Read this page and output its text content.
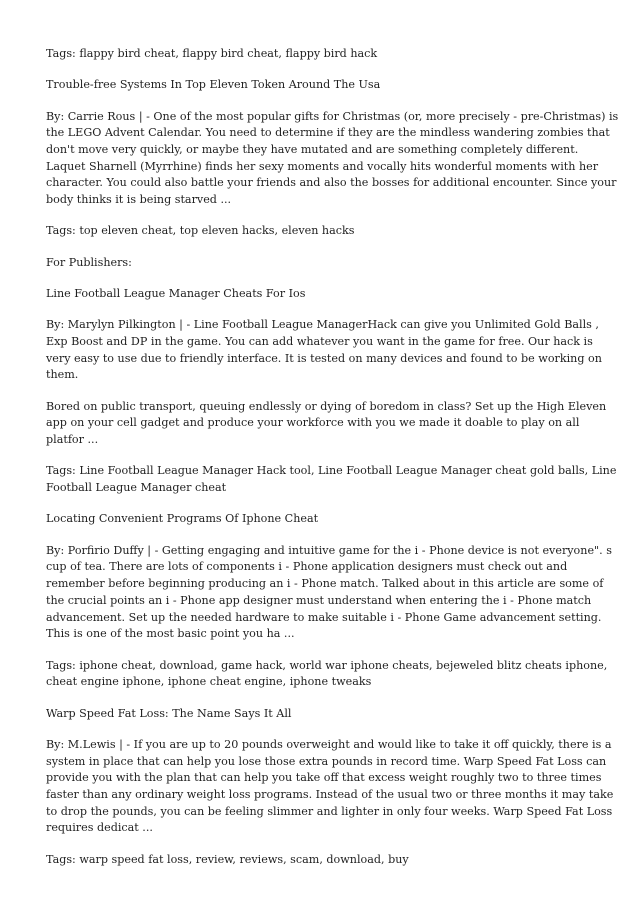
Tags: flappy bird cheat, flappy bird cheat, flappy bird hack
Trouble-free Systems In Top Eleven Token Around The Usa
By: Carrie Rous | - One of the most popular gifts for Christmas (or, more precisely - pre-Christmas) is
the LEGO Advent Calendar. You need to determine if they are the mindless wandering zombies that
don't move very quickly, or maybe they have mutated and are something completely different.
Laquet Sharnell (Myrrhine) finds her sexy moments and vocally hits wonderful moments with her
character. You could also battle your friends and also the bosses for additional encounter. Since your
body thinks it is being starved ...
Tags: top eleven cheat, top eleven hacks, eleven hacks
For Publishers:
Line Football League Manager Cheats For Ios
By: Marylyn Pilkington | - Line Football League ManagerHack can give you Unlimited Gold Balls ,
Exp Boost and DP in the game. You can add whatever you want in the game for free. Our hack is
very easy to use due to friendly interface. It is tested on many devices and found to be working on
them.
Bored on public transport, queuing endlessly or dying of boredom in class? Set up the High Eleven
app on your cell gadget and produce your workforce with you we made it doable to play on all
platfor ...
Tags: Line Football League Manager Hack tool, Line Football League Manager cheat gold balls, Line
Football League Manager cheat
Locating Convenient Programs Of Iphone Cheat
By: Porfirio Duffy | - Getting engaging and intuitive game for the i - Phone device is not everyone". s
cup of tea. There are lots of components i - Phone application designers must check out and
remember before beginning producing an i - Phone match. Talked about in this article are some of
the crucial points an i - Phone app designer must understand when entering the i - Phone match
advancement. Set up the needed hardware to make suitable i - Phone Game advancement setting.
This is one of the most basic point you ha ...
Tags: iphone cheat, download, game hack, world war iphone cheats, bejeweled blitz cheats iphone,
cheat engine iphone, iphone cheat engine, iphone tweaks
Warp Speed Fat Loss: The Name Says It All
By: M.Lewis | - If you are up to 20 pounds overweight and would like to take it off quickly, there is a
system in place that can help you lose those extra pounds in record time. Warp Speed Fat Loss can
provide you with the plan that can help you take off that excess weight roughly two to three times
faster than any ordinary weight loss programs. Instead of the usual two or three months it may take
to drop the pounds, you can be feeling slimmer and lighter in only four weeks. Warp Speed Fat Loss
requires dedicat ...
Tags: warp speed fat loss, review, reviews, scam, download, buy
